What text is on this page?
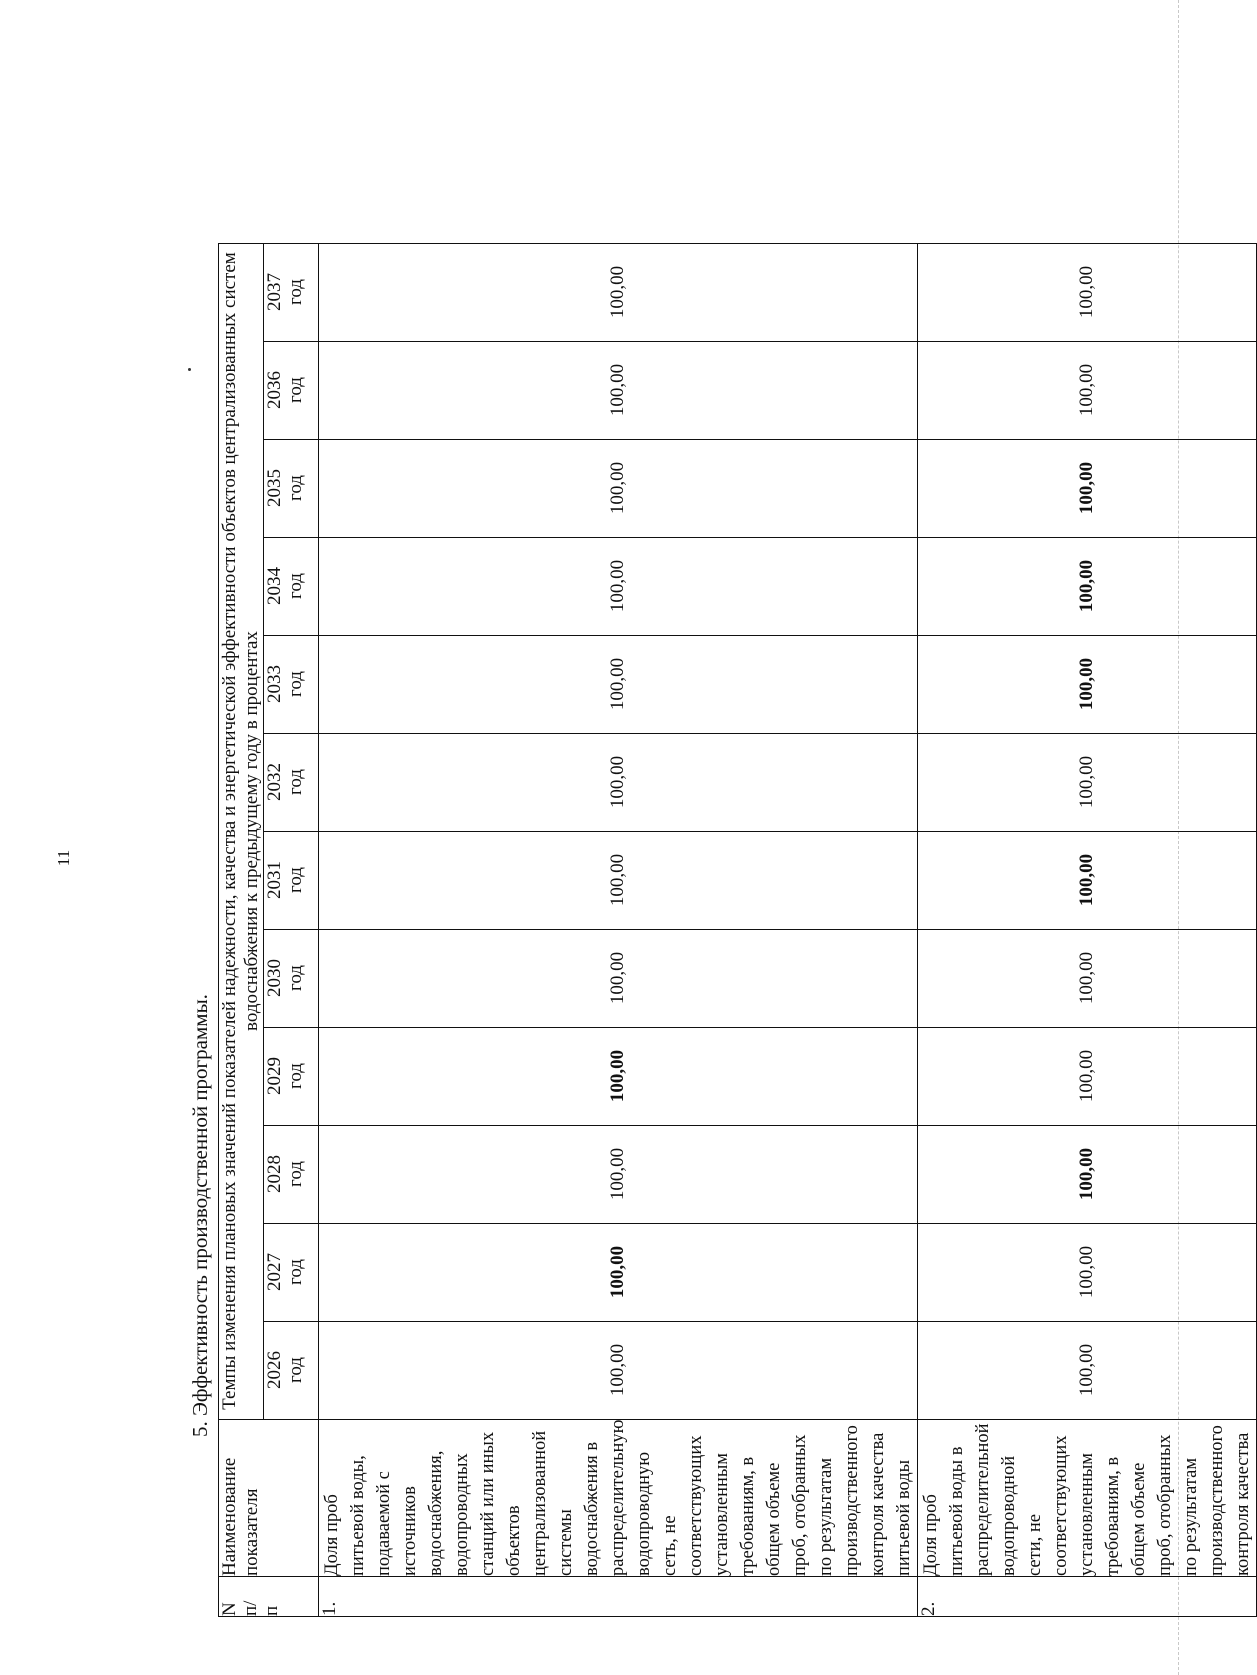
11
5. Эффективность производственной программы.
N п/ п	Наименование показателя	Темпы изменения плановых значений показателей надежности, качества и энергетической эффективности объектов централизованных систем водоснабжения к предыдущему году в процентах											

		2026 год	2027 год	2028 год	2029 год	2030 год	2031 год	2032 год	2033 год	2034 год	2035 год	2036 год	2037 год

1.	Доля проб питьевой воды, подаваемой с источников водоснабжения, водопроводных станций или иных объектов централизованной системы водоснабжения в распределительную водопроводную сеть, не соответствующих установленным требованиям, в общем объеме проб, отобранных по результатам производственного контроля качества питьевой воды	100,00	100,00	100,00	100,00	100,00	100,00	100,00	100,00	100,00	100,00	100,00	100,00
2.	Доля проб питьевой воды в распределительной водопроводной сети, не соответствующих установленным требованиям, в общем объеме проб, отобранных по результатам производственного контроля качества	100,00	100,00	100,00	100,00	100,00	100,00	100,00	100,00	100,00	100,00	100,00	100,00
